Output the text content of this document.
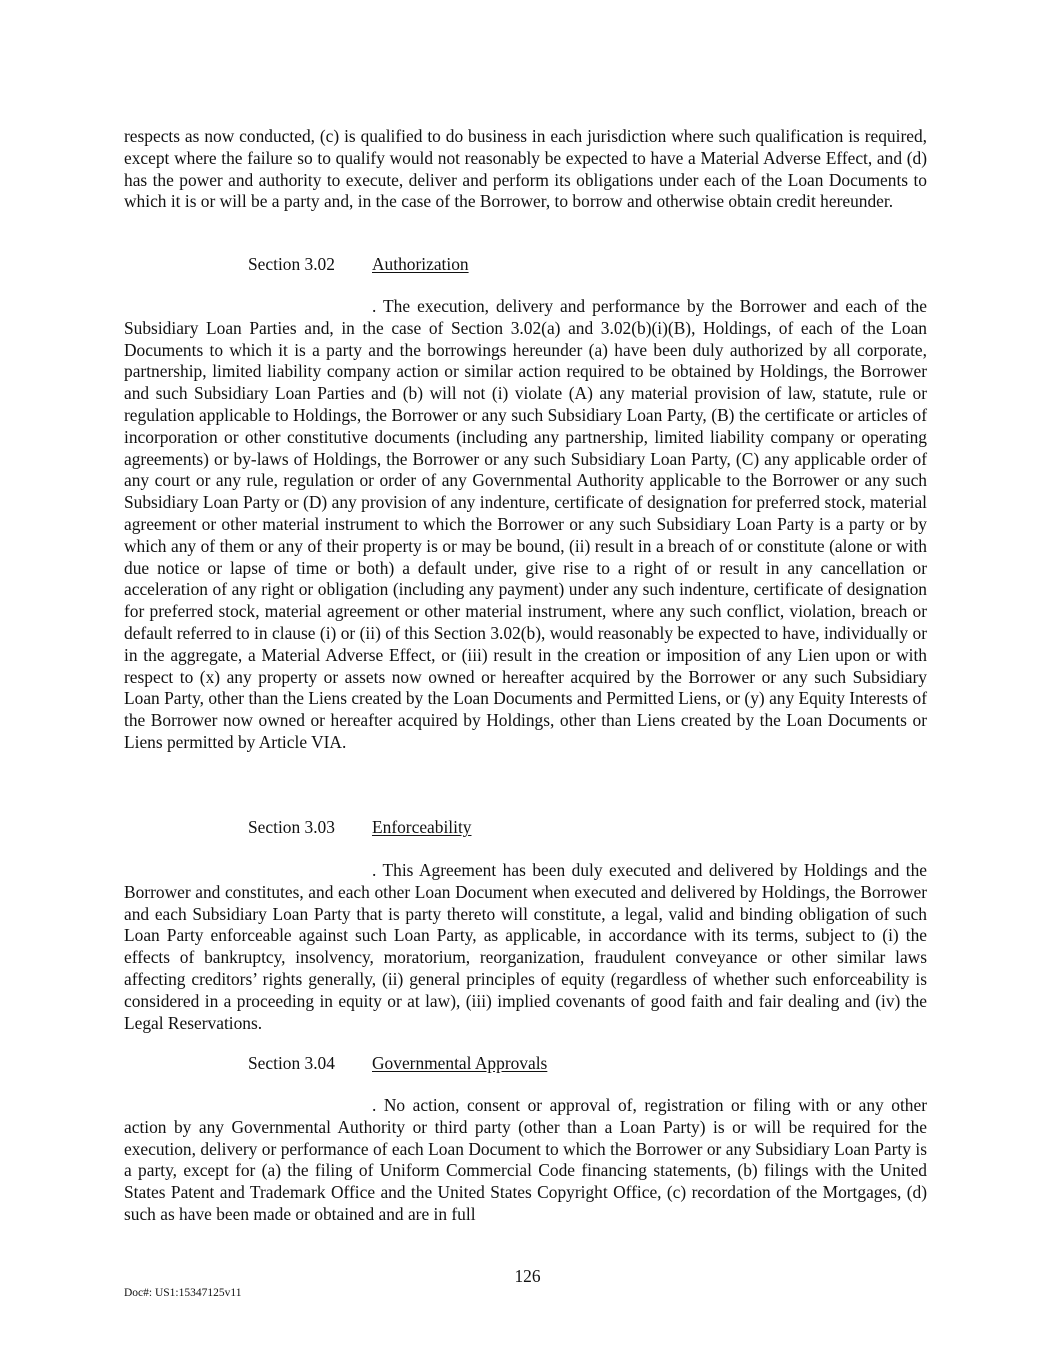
respects as now conducted, (c) is qualified to do business in each jurisdiction where such qualification is required, except where the failure so to qualify would not reasonably be expected to have a Material Adverse Effect, and (d) has the power and authority to execute, deliver and perform its obligations under each of the Loan Documents to which it is or will be a party and, in the case of the Borrower, to borrow and otherwise obtain credit hereunder.

Section 3.02 Authorization

. The execution, delivery and performance by the Borrower and each of the Subsidiary Loan Parties and, in the case of Section 3.02(a) and 3.02(b)(i)(B), Holdings, of each of the Loan Documents to which it is a party and the borrowings hereunder (a) have been duly authorized by all corporate, partnership, limited liability company action or similar action required to be obtained by Holdings, the Borrower and such Subsidiary Loan Parties and (b) will not (i) violate (A) any material provision of law, statute, rule or regulation applicable to Holdings, the Borrower or any such Subsidiary Loan Party, (B) the certificate or articles of incorporation or other constitutive documents (including any partnership, limited liability company or operating agreements) or by-laws of Holdings, the Borrower or any such Subsidiary Loan Party, (C) any applicable order of any court or any rule, regulation or order of any Governmental Authority applicable to the Borrower or any such Subsidiary Loan Party or (D) any provision of any indenture, certificate of designation for preferred stock, material agreement or other material instrument to which the Borrower or any such Subsidiary Loan Party is a party or by which any of them or any of their property is or may be bound, (ii) result in a breach of or constitute (alone or with due notice or lapse of time or both) a default under, give rise to a right of or result in any cancellation or acceleration of any right or obligation (including any payment) under any such indenture, certificate of designation for preferred stock, material agreement or other material instrument, where any such conflict, violation, breach or default referred to in clause (i) or (ii) of this Section 3.02(b), would reasonably be expected to have, individually or in the aggregate, a Material Adverse Effect, or (iii) result in the creation or imposition of any Lien upon or with respect to (x) any property or assets now owned or hereafter acquired by the Borrower or any such Subsidiary Loan Party, other than the Liens created by the Loan Documents and Permitted Liens, or (y) any Equity Interests of the Borrower now owned or hereafter acquired by Holdings, other than Liens created by the Loan Documents or Liens permitted by Article VIA.

Section 3.03 Enforceability

. This Agreement has been duly executed and delivered by Holdings and the Borrower and constitutes, and each other Loan Document when executed and delivered by Holdings, the Borrower and each Subsidiary Loan Party that is party thereto will constitute, a legal, valid and binding obligation of such Loan Party enforceable against such Loan Party, as applicable, in accordance with its terms, subject to (i) the effects of bankruptcy, insolvency, moratorium, reorganization, fraudulent conveyance or other similar laws affecting creditors’ rights generally, (ii) general principles of equity (regardless of whether such enforceability is considered in a proceeding in equity or at law), (iii) implied covenants of good faith and fair dealing and (iv) the Legal Reservations.

Section 3.04 Governmental Approvals

. No action, consent or approval of, registration or filing with or any other action by any Governmental Authority or third party (other than a Loan Party) is or will be required for the execution, delivery or performance of each Loan Document to which the Borrower or any Subsidiary Loan Party is a party, except for (a) the filing of Uniform Commercial Code financing statements, (b) filings with the United States Patent and Trademark Office and the United States Copyright Office, (c) recordation of the Mortgages, (d) such as have been made or obtained and are in full

126
Doc#: US1:15347125v11
